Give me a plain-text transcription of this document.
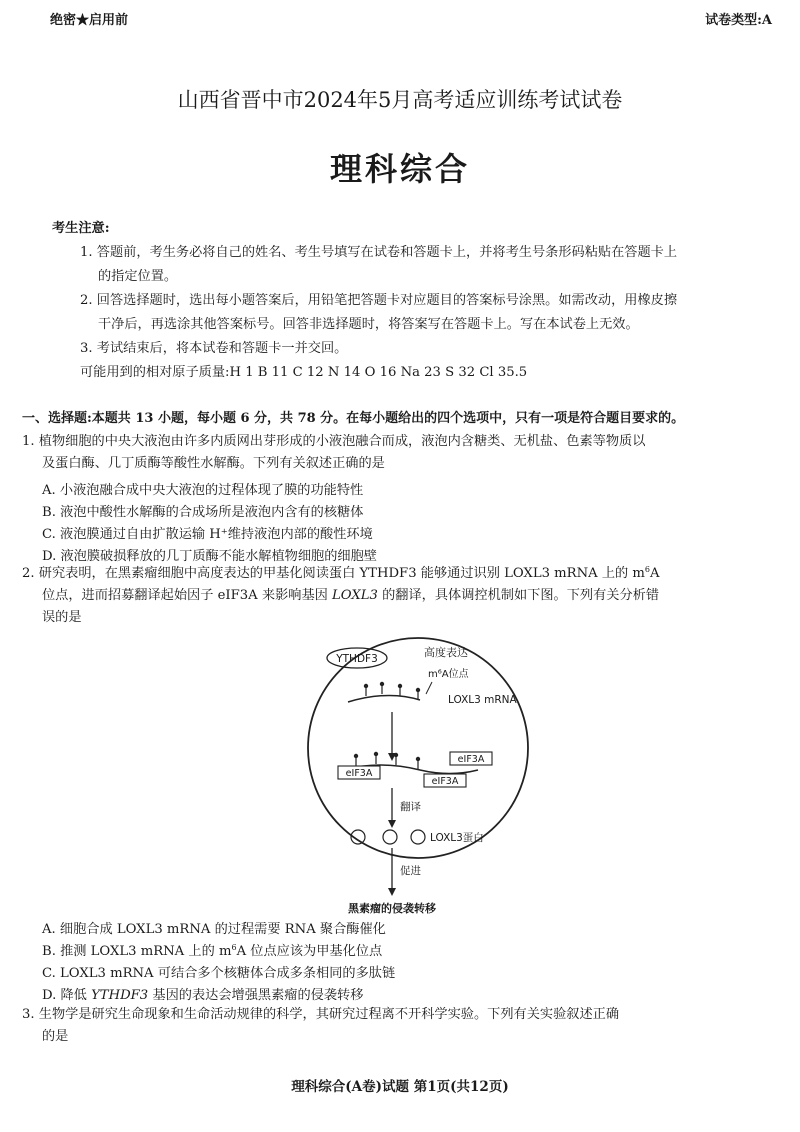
绝密★启用前	试卷类型:A
山西省晋中市2024年5月高考适应训练考试试卷
理科综合
考生注意:
1. 答题前，考生务必将自己的姓名、考生号填写在试卷和答题卡上，并将考生号条形码粘贴在答题卡上
的指定位置。
2. 回答选择题时，选出每小题答案后，用铅笔把答题卡对应题目的答案标号涂黑。如需改动，用橡皮擦
干净后，再选涂其他答案标号。回答非选择题时，将答案写在答题卡上。写在本试卷上无效。
3. 考试结束后，将本试卷和答题卡一并交回。
可能用到的相对原子质量:H 1 B 11 C 12 N 14 O 16 Na 23 S 32 Cl 35.5
一、选择题:本题共 13 小题，每小题 6 分，共 78 分。在每小题给出的四个选项中，只有一项是符合题目要求的。
1. 植物细胞的中央大液泡由许多内质网出芽形成的小液泡融合而成，液泡内含糖类、无机盐、色素等物质以
及蛋白酶、几丁质酶等酸性水解酶。下列有关叙述正确的是
A. 小液泡融合成中央大液泡的过程体现了膜的功能特性
B. 液泡中酸性水解酶的合成场所是液泡内含有的核糖体
C. 液泡膜通过自由扩散运输 H⁺维持液泡内部的酸性环境
D. 液泡膜破损释放的几丁质酶不能水解植物细胞的细胞壁
2. 研究表明，在黑素瘤细胞中高度表达的甲基化阅读蛋白 YTHDF3 能够通过识别 LOXL3 mRNA 上的 $m^6A$
位点，进而招募翻译起始因子 eIF3A 来影响基因 LOXL3 的翻译，具体调控机制如下图。下列有关分析错
误的是
YTHDF3	高度表达
m⁶A位点
LOXL3 mRNA
eIF3A
eIF3A
eIF3A
翻译
LOXL3蛋白
促进
黑素瘤的侵袭转移
A. 细胞合成 LOXL3 mRNA 的过程需要 RNA 聚合酶催化
B. 推测 LOXL3 mRNA 上的 $m^6A$ 位点应该为甲基化位点
C. LOXL3 mRNA 可结合多个核糖体合成多条相同的多肽链
D. 降低 YTHDF3 基因的表达会增强黑素瘤的侵袭转移
3. 生物学是研究生命现象和生命活动规律的科学，其研究过程离不开科学实验。下列有关实验叙述正确
的是
理科综合(A卷)试题 第1页(共12页)
